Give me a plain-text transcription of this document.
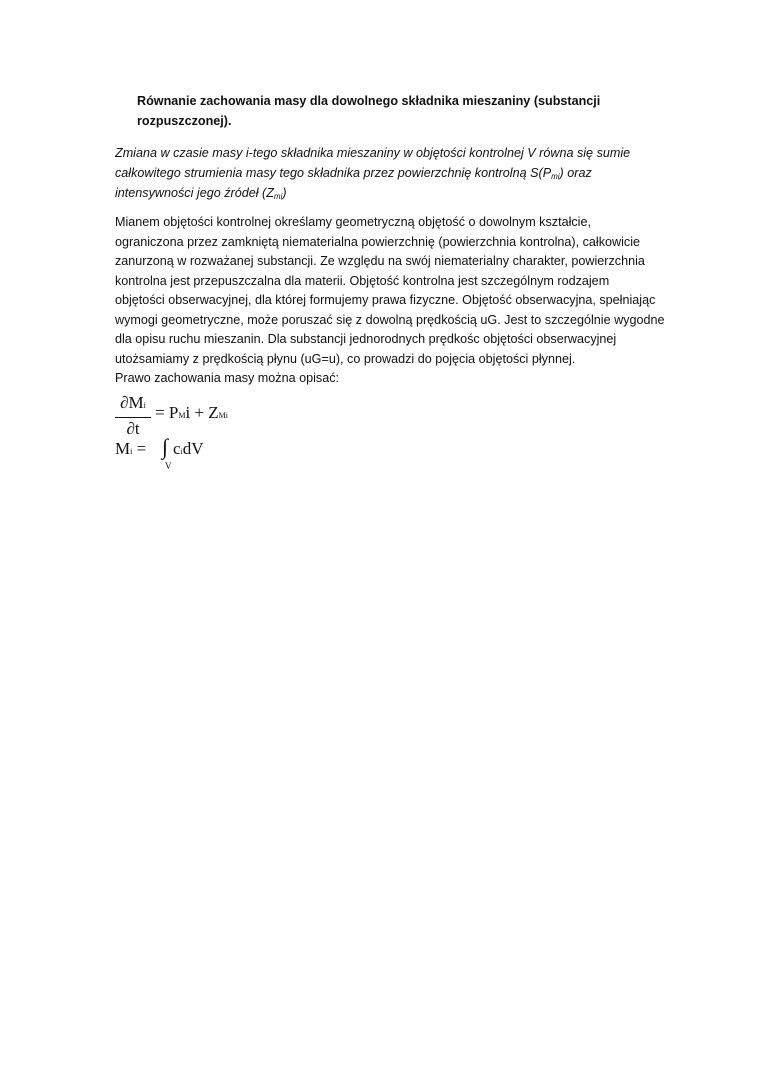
Równanie zachowania masy dla dowolnego składnika mieszaniny (substancji
rozpuszczonej).
Zmiana w czasie masy i-tego składnika mieszaniny w objętości kontrolnej V równa się sumie
całkowitego strumienia masy tego składnika przez powierzchnię kontrolną $S(P_{mi})$ oraz
intensywności jego źródeł $(Z_{mi})$

Mianem objętości kontrolnej określamy geometryczną objętość o dowolnym kształcie,

ograniczona przez zamkniętą niematerialna powierzchnię (powierzchnia kontrolna), całkowicie

zanurzoną w rozważanej substancji. Ze względu na swój niematerialny charakter, powierzchnia

kontrolna jest przepuszczalna dla materii. Objętość kontrolna jest szczególnym rodzajem

objętości obserwacyjnej, dla której formujemy prawa fizyczne. Objętość obserwacyjna, spełniając

wymogi geometryczne, może poruszać się z dowolną prędkością uG. Jest to szczególnie wygodne

dla opisu ruchu mieszanin. Dla substancji jednorodnych prędkośc objętości obserwacyjnej

utożsamiamy z prędkością płynu (uG=u), co prowadzi do pojęcia objętości płynnej.

Prawo zachowania masy można opisać:

∂Mi
∂t
= PMi + ZMi
Mi = ∫ cidV
V
